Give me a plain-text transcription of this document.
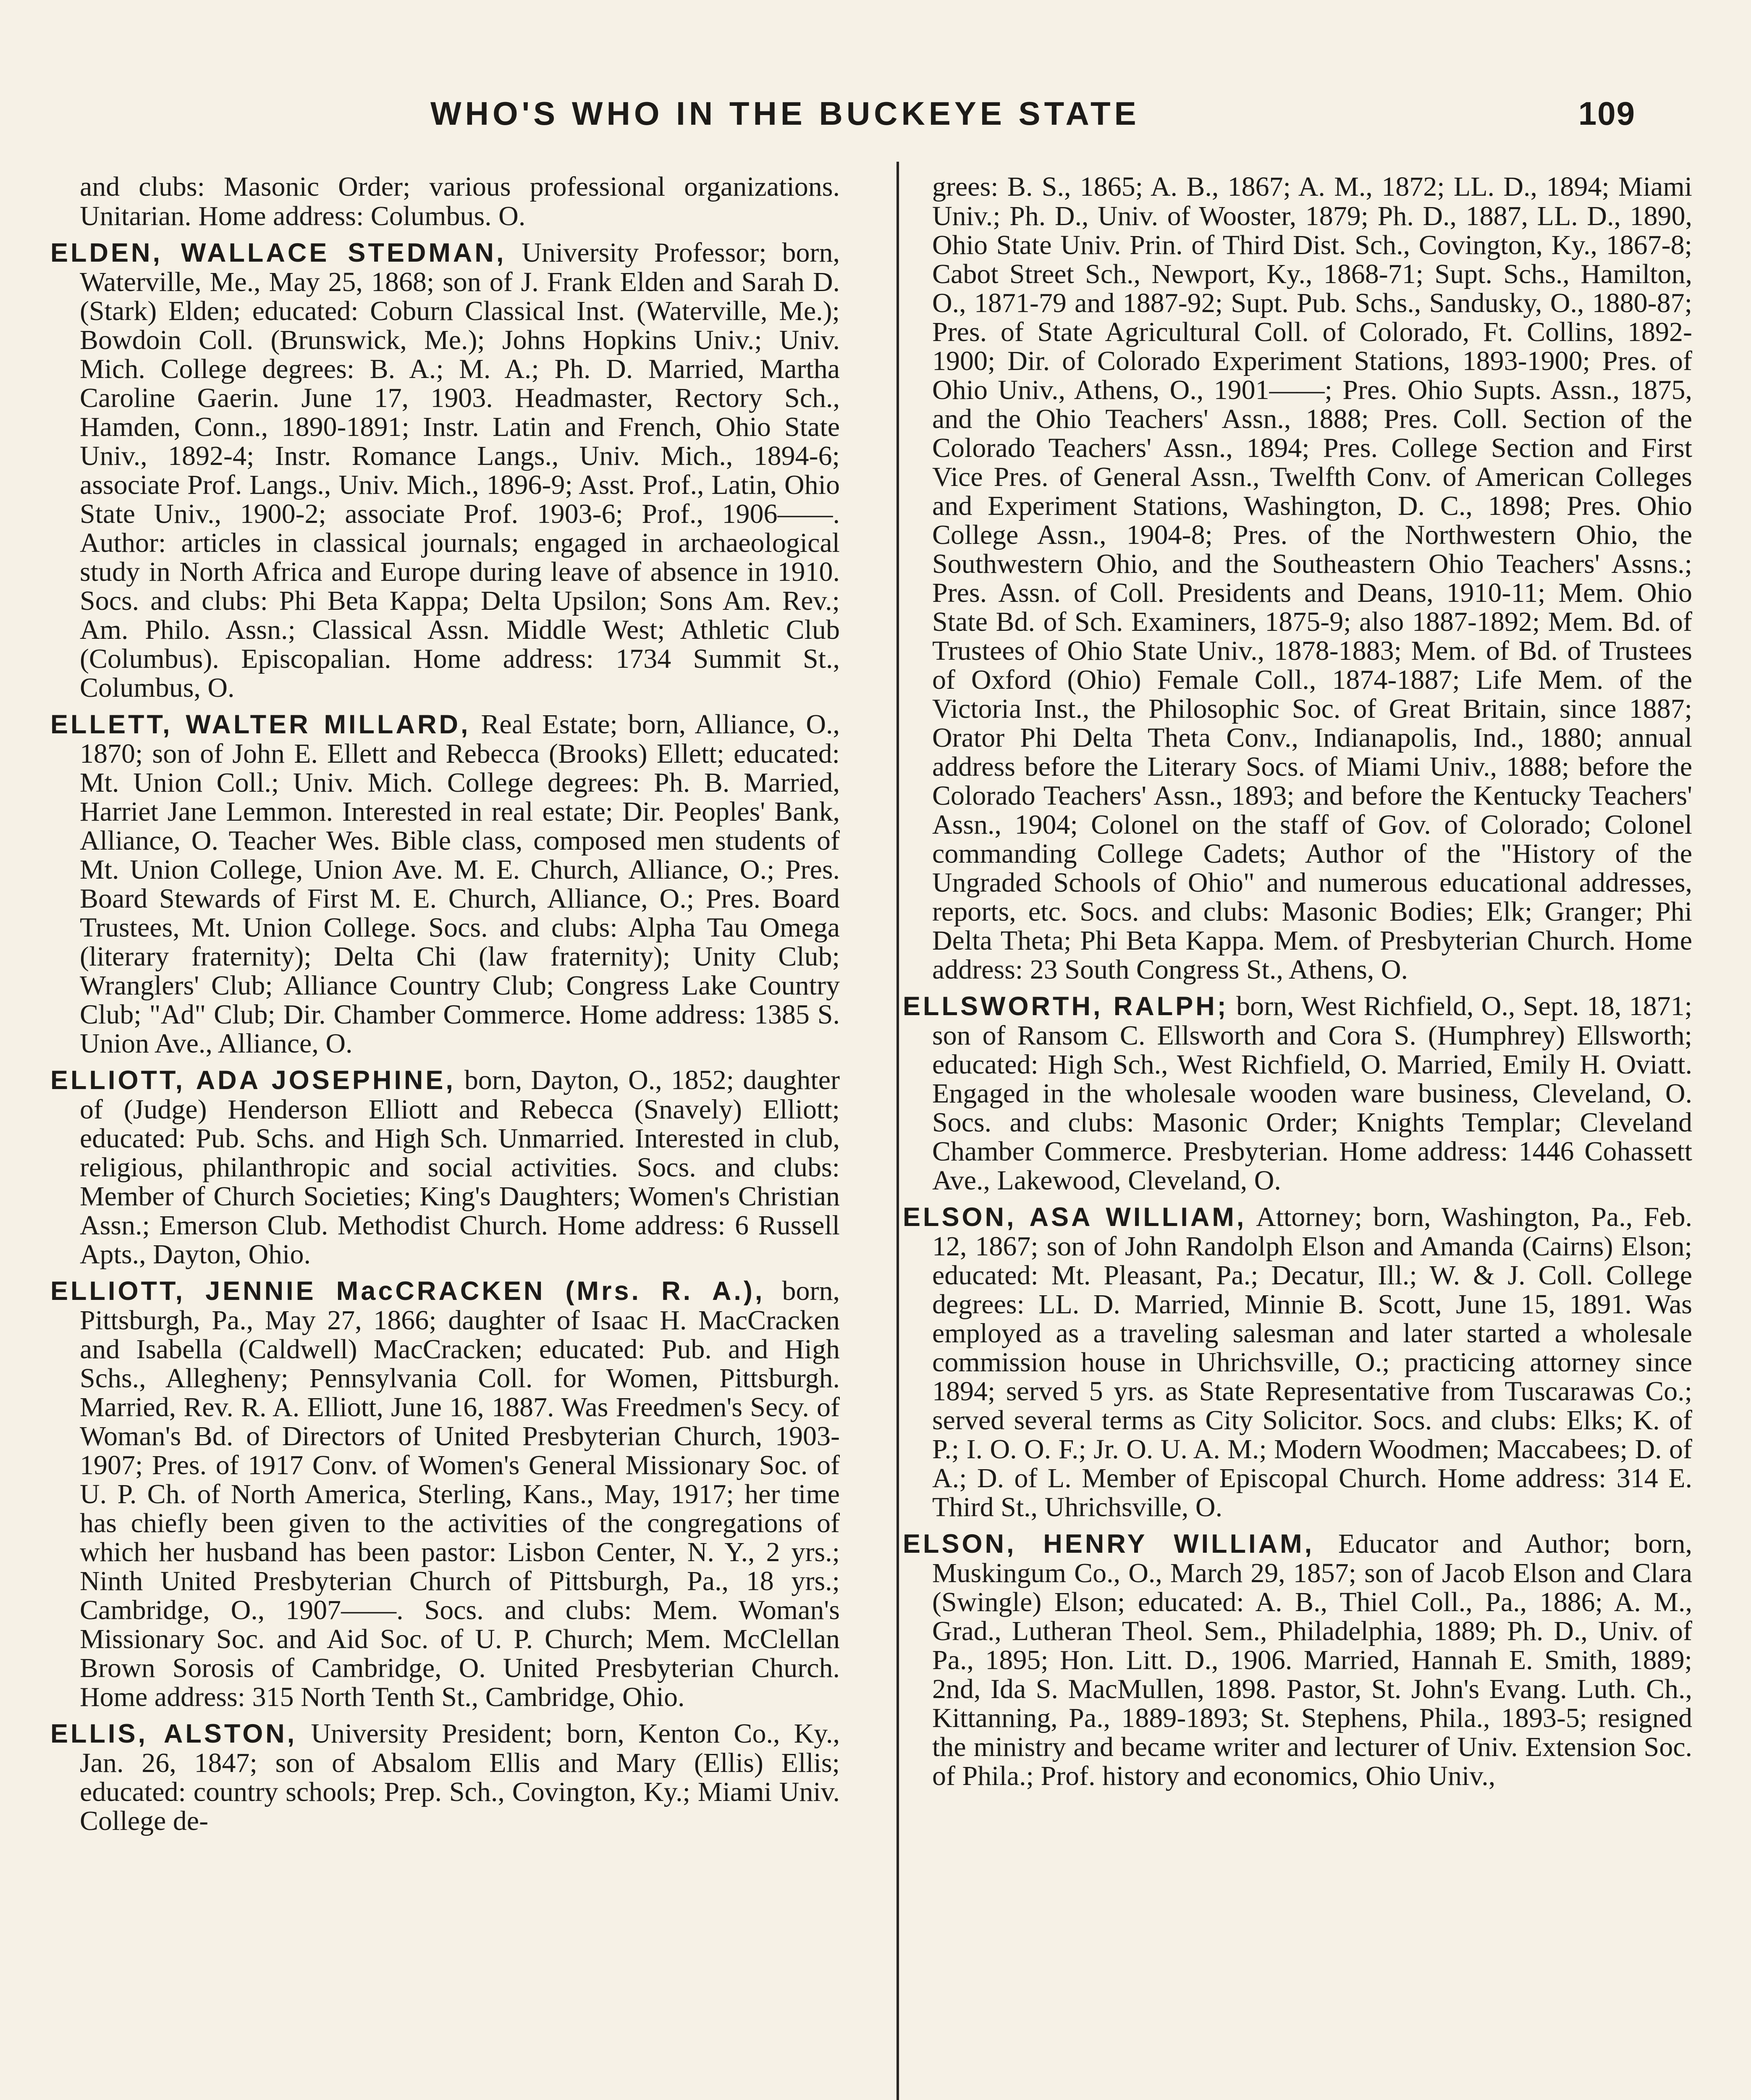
WHO'S WHO IN THE BUCKEYE STATE	109

and clubs: Masonic Order; various professional organizations. Unitarian. Home address: Columbus. O.

ELDEN, WALLACE STEDMAN, University Professor; born, Waterville, Me., May 25, 1868; son of J. Frank Elden and Sarah D. (Stark) Elden; educated: Coburn Classical Inst. (Waterville, Me.); Bowdoin Coll. (Brunswick, Me.); Johns Hopkins Univ.; Univ. Mich. College degrees: B. A.; M. A.; Ph. D. Married, Martha Caroline Gaerin. June 17, 1903. Headmaster, Rectory Sch., Hamden, Conn., 1890-1891; Instr. Latin and French, Ohio State Univ., 1892-4; Instr. Romance Langs., Univ. Mich., 1894-6; associate Prof. Langs., Univ. Mich., 1896-9; Asst. Prof., Latin, Ohio State Univ., 1900-2; associate Prof. 1903-6; Prof., 1906——. Author: articles in classical journals; engaged in archaeological study in North Africa and Europe during leave of absence in 1910. Socs. and clubs: Phi Beta Kappa; Delta Upsilon; Sons Am. Rev.; Am. Philo. Assn.; Classical Assn. Middle West; Athletic Club (Columbus). Episcopalian. Home address: 1734 Summit St., Columbus, O.

ELLETT, WALTER MILLARD, Real Estate; born, Alliance, O., 1870; son of John E. Ellett and Rebecca (Brooks) Ellett; educated: Mt. Union Coll.; Univ. Mich. College degrees: Ph. B. Married, Harriet Jane Lemmon. Interested in real estate; Dir. Peoples' Bank, Alliance, O. Teacher Wes. Bible class, composed men students of Mt. Union College, Union Ave. M. E. Church, Alliance, O.; Pres. Board Stewards of First M. E. Church, Alliance, O.; Pres. Board Trustees, Mt. Union College. Socs. and clubs: Alpha Tau Omega (literary fraternity); Delta Chi (law fraternity); Unity Club; Wranglers' Club; Alliance Country Club; Congress Lake Country Club; "Ad" Club; Dir. Chamber Commerce. Home address: 1385 S. Union Ave., Alliance, O.

ELLIOTT, ADA JOSEPHINE, born, Dayton, O., 1852; daughter of (Judge) Henderson Elliott and Rebecca (Snavely) Elliott; educated: Pub. Schs. and High Sch. Unmarried. Interested in club, religious, philanthropic and social activities. Socs. and clubs: Member of Church Societies; King's Daughters; Women's Christian Assn.; Emerson Club. Methodist Church. Home address: 6 Russell Apts., Dayton, Ohio.

ELLIOTT, JENNIE MacCRACKEN (Mrs. R. A.), born, Pittsburgh, Pa., May 27, 1866; daughter of Isaac H. MacCracken and Isabella (Caldwell) MacCracken; educated: Pub. and High Schs., Allegheny; Pennsylvania Coll. for Women, Pittsburgh. Married, Rev. R. A. Elliott, June 16, 1887. Was Freedmen's Secy. of Woman's Bd. of Directors of United Presbyterian Church, 1903-1907; Pres. of 1917 Conv. of Women's General Missionary Soc. of U. P. Ch. of North America, Sterling, Kans., May, 1917; her time has chiefly been given to the activities of the congregations of which her husband has been pastor: Lisbon Center, N. Y., 2 yrs.; Ninth United Presbyterian Church of Pittsburgh, Pa., 18 yrs.; Cambridge, O., 1907——. Socs. and clubs: Mem. Woman's Missionary Soc. and Aid Soc. of U. P. Church; Mem. McClellan Brown Sorosis of Cambridge, O. United Presbyterian Church. Home address: 315 North Tenth St., Cambridge, Ohio.

ELLIS, ALSTON, University President; born, Kenton Co., Ky., Jan. 26, 1847; son of Absalom Ellis and Mary (Ellis) Ellis; educated: country schools; Prep. Sch., Covington, Ky.; Miami Univ. College de-

grees: B. S., 1865; A. B., 1867; A. M., 1872; LL. D., 1894; Miami Univ.; Ph. D., Univ. of Wooster, 1879; Ph. D., 1887, LL. D., 1890, Ohio State Univ. Prin. of Third Dist. Sch., Covington, Ky., 1867-8; Cabot Street Sch., Newport, Ky., 1868-71; Supt. Schs., Hamilton, O., 1871-79 and 1887-92; Supt. Pub. Schs., Sandusky, O., 1880-87; Pres. of State Agricultural Coll. of Colorado, Ft. Collins, 1892-1900; Dir. of Colorado Experiment Stations, 1893-1900; Pres. of Ohio Univ., Athens, O., 1901——; Pres. Ohio Supts. Assn., 1875, and the Ohio Teachers' Assn., 1888; Pres. Coll. Section of the Colorado Teachers' Assn., 1894; Pres. College Section and First Vice Pres. of General Assn., Twelfth Conv. of American Colleges and Experiment Stations, Washington, D. C., 1898; Pres. Ohio College Assn., 1904-8; Pres. of the Northwestern Ohio, the Southwestern Ohio, and the Southeastern Ohio Teachers' Assns.; Pres. Assn. of Coll. Presidents and Deans, 1910-11; Mem. Ohio State Bd. of Sch. Examiners, 1875-9; also 1887-1892; Mem. Bd. of Trustees of Ohio State Univ., 1878-1883; Mem. of Bd. of Trustees of Oxford (Ohio) Female Coll., 1874-1887; Life Mem. of the Victoria Inst., the Philosophic Soc. of Great Britain, since 1887; Orator Phi Delta Theta Conv., Indianapolis, Ind., 1880; annual address before the Literary Socs. of Miami Univ., 1888; before the Colorado Teachers' Assn., 1893; and before the Kentucky Teachers' Assn., 1904; Colonel on the staff of Gov. of Colorado; Colonel commanding College Cadets; Author of the "History of the Ungraded Schools of Ohio" and numerous educational addresses, reports, etc. Socs. and clubs: Masonic Bodies; Elk; Granger; Phi Delta Theta; Phi Beta Kappa. Mem. of Presbyterian Church. Home address: 23 South Congress St., Athens, O.

ELLSWORTH, RALPH; born, West Richfield, O., Sept. 18, 1871; son of Ransom C. Ellsworth and Cora S. (Humphrey) Ellsworth; educated: High Sch., West Richfield, O. Married, Emily H. Oviatt. Engaged in the wholesale wooden ware business, Cleveland, O. Socs. and clubs: Masonic Order; Knights Templar; Cleveland Chamber Commerce. Presbyterian. Home address: 1446 Cohassett Ave., Lakewood, Cleveland, O.

ELSON, ASA WILLIAM, Attorney; born, Washington, Pa., Feb. 12, 1867; son of John Randolph Elson and Amanda (Cairns) Elson; educated: Mt. Pleasant, Pa.; Decatur, Ill.; W. & J. Coll. College degrees: LL. D. Married, Minnie B. Scott, June 15, 1891. Was employed as a traveling salesman and later started a wholesale commission house in Uhrichsville, O.; practicing attorney since 1894; served 5 yrs. as State Representative from Tuscarawas Co.; served several terms as City Solicitor. Socs. and clubs: Elks; K. of P.; I. O. O. F.; Jr. O. U. A. M.; Modern Woodmen; Maccabees; D. of A.; D. of L. Member of Episcopal Church. Home address: 314 E. Third St., Uhrichsville, O.

ELSON, HENRY WILLIAM, Educator and Author; born, Muskingum Co., O., March 29, 1857; son of Jacob Elson and Clara (Swingle) Elson; educated: A. B., Thiel Coll., Pa., 1886; A. M., Grad., Lutheran Theol. Sem., Philadelphia, 1889; Ph. D., Univ. of Pa., 1895; Hon. Litt. D., 1906. Married, Hannah E. Smith, 1889; 2nd, Ida S. MacMullen, 1898. Pastor, St. John's Evang. Luth. Ch., Kittanning, Pa., 1889-1893; St. Stephens, Phila., 1893-5; resigned the ministry and became writer and lecturer of Univ. Extension Soc. of Phila.; Prof. history and economics, Ohio Univ.,
